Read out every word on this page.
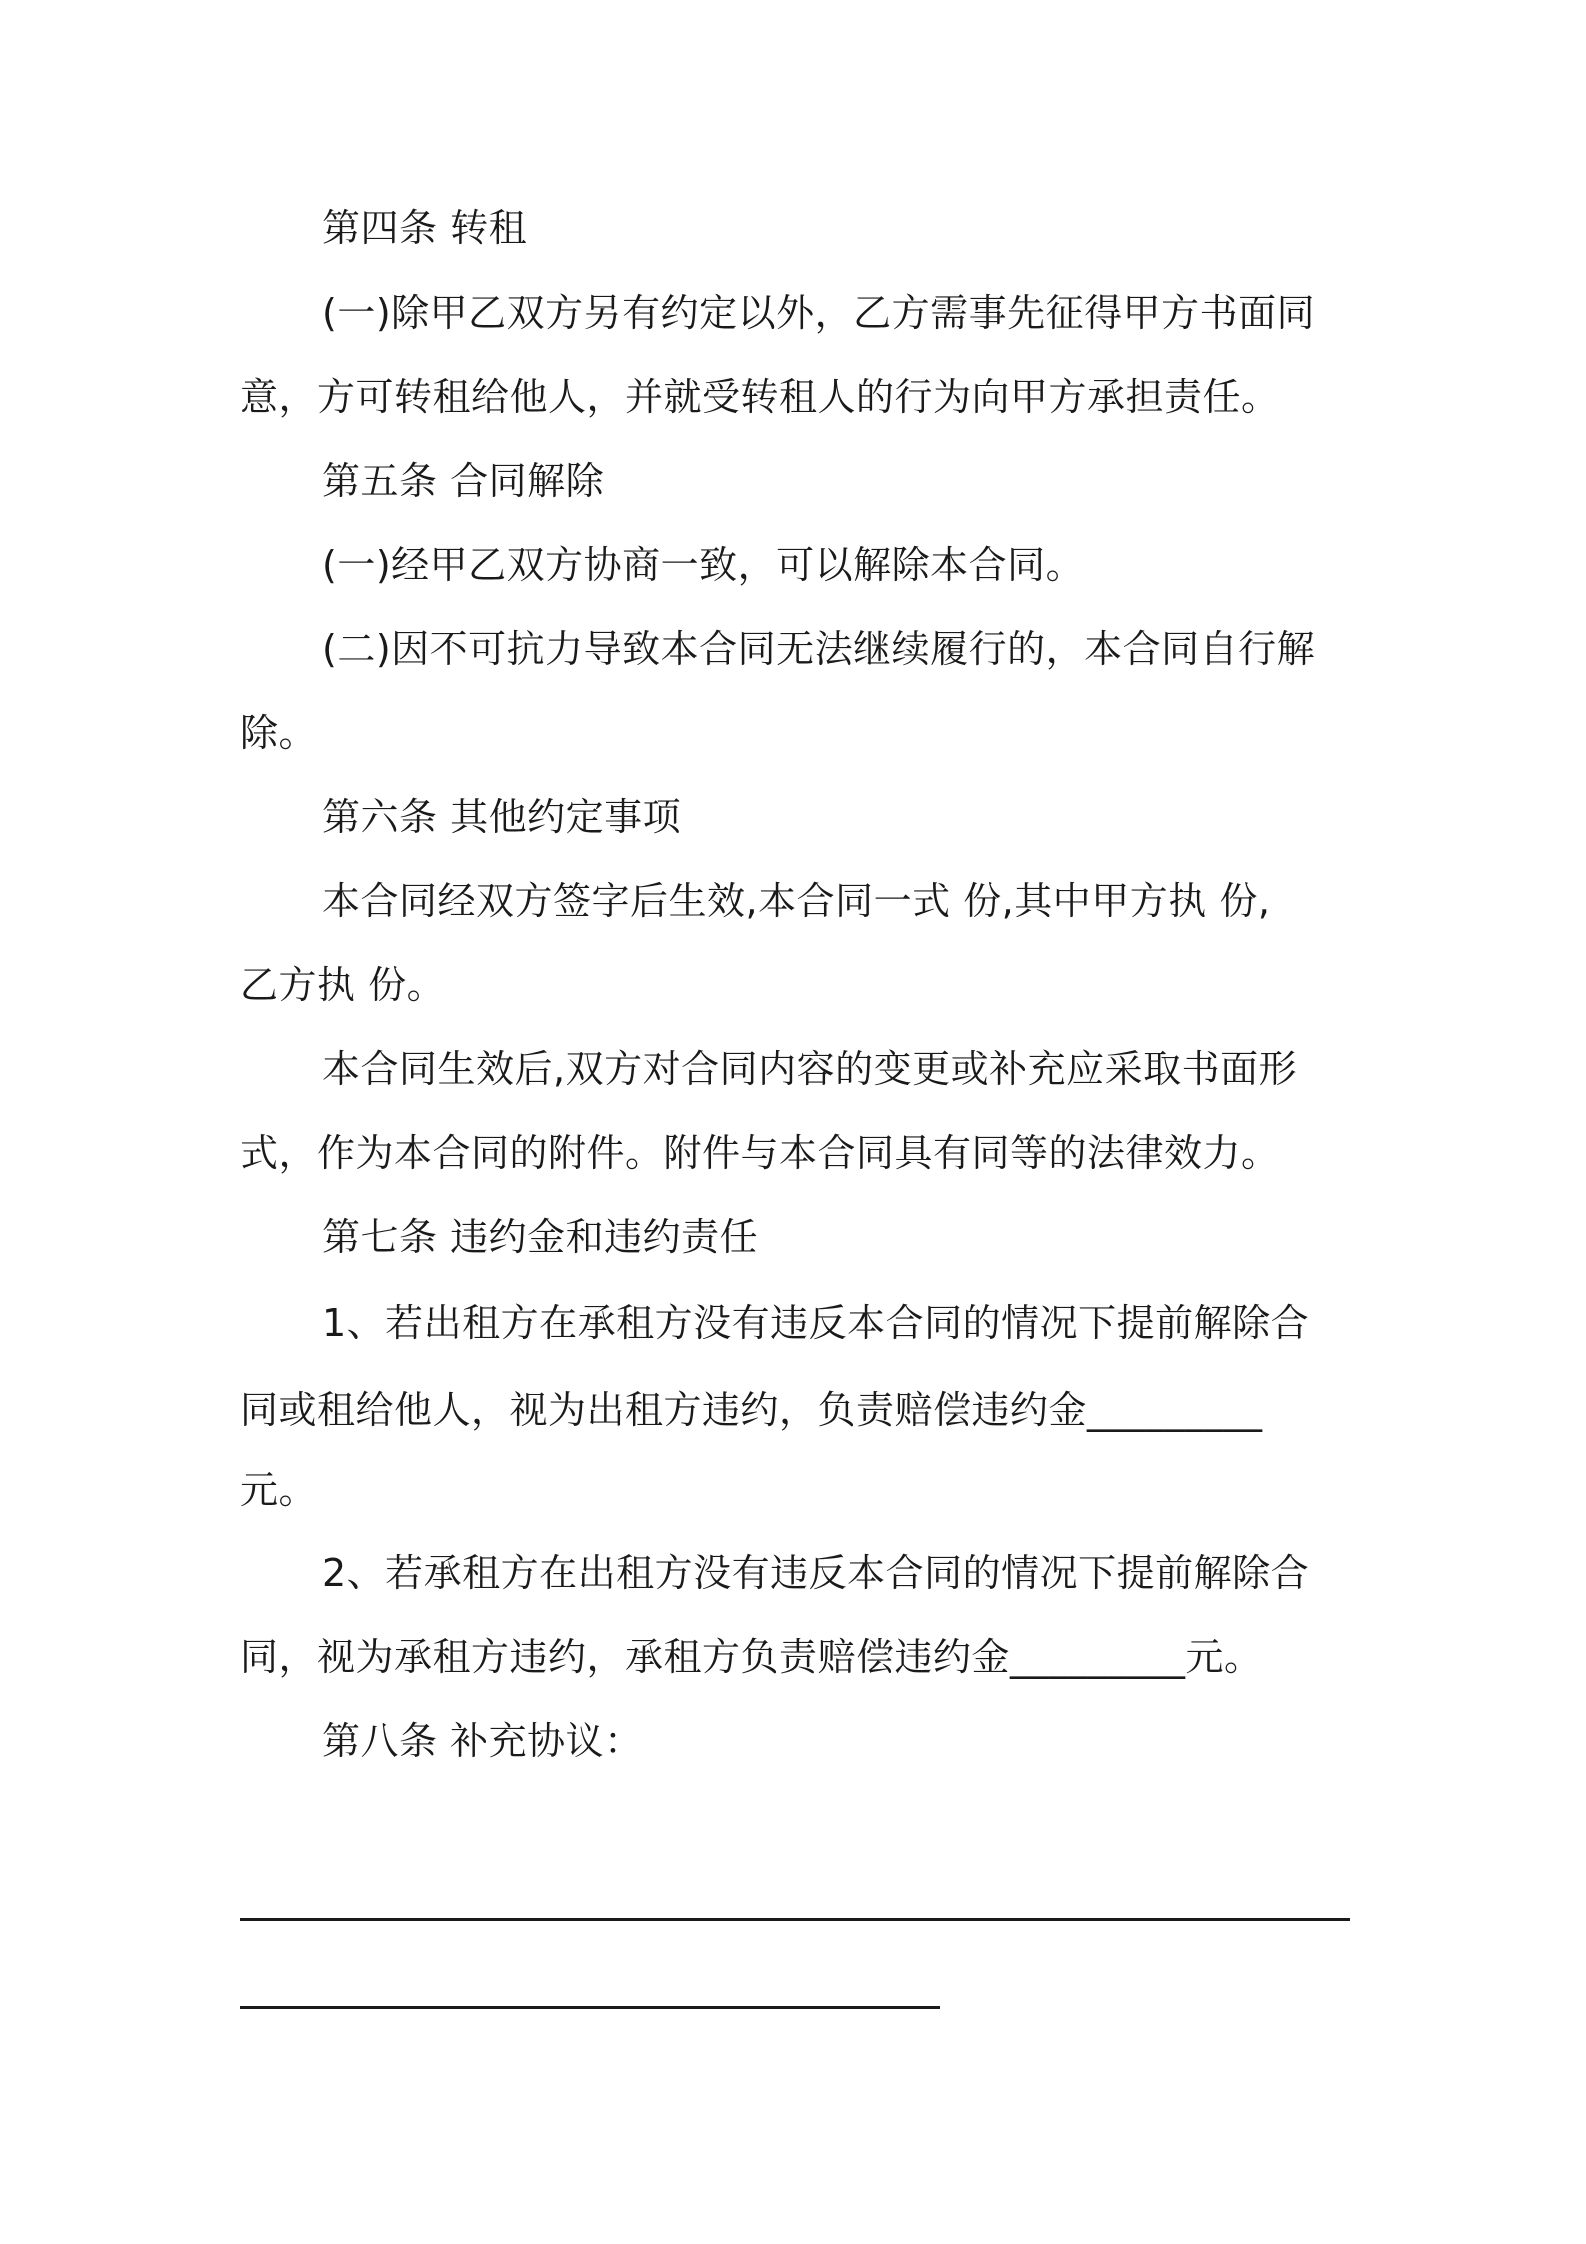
第四条 转租
(一)除甲乙双方另有约定以外，乙方需事先征得甲方书面同
意，方可转租给他人，并就受转租人的行为向甲方承担责任。
第五条 合同解除
(一)经甲乙双方协商一致，可以解除本合同。
(二)因不可抗力导致本合同无法继续履行的，本合同自行解
除。
第六条 其他约定事项
本合同经双方签字后生效,本合同一式 份,其中甲方执 份,
乙方执 份。
本合同生效后,双方对合同内容的变更或补充应采取书面形
式，作为本合同的附件。附件与本合同具有同等的法律效力。
第七条 违约金和违约责任
1、若出租方在承租方没有违反本合同的情况下提前解除合
同或租给他人，视为出租方违约，负责赔偿违约金_________
元。
2、若承租方在出租方没有违反本合同的情况下提前解除合
同，视为承租方违约，承租方负责赔偿违约金_________元。
第八条 补充协议：
